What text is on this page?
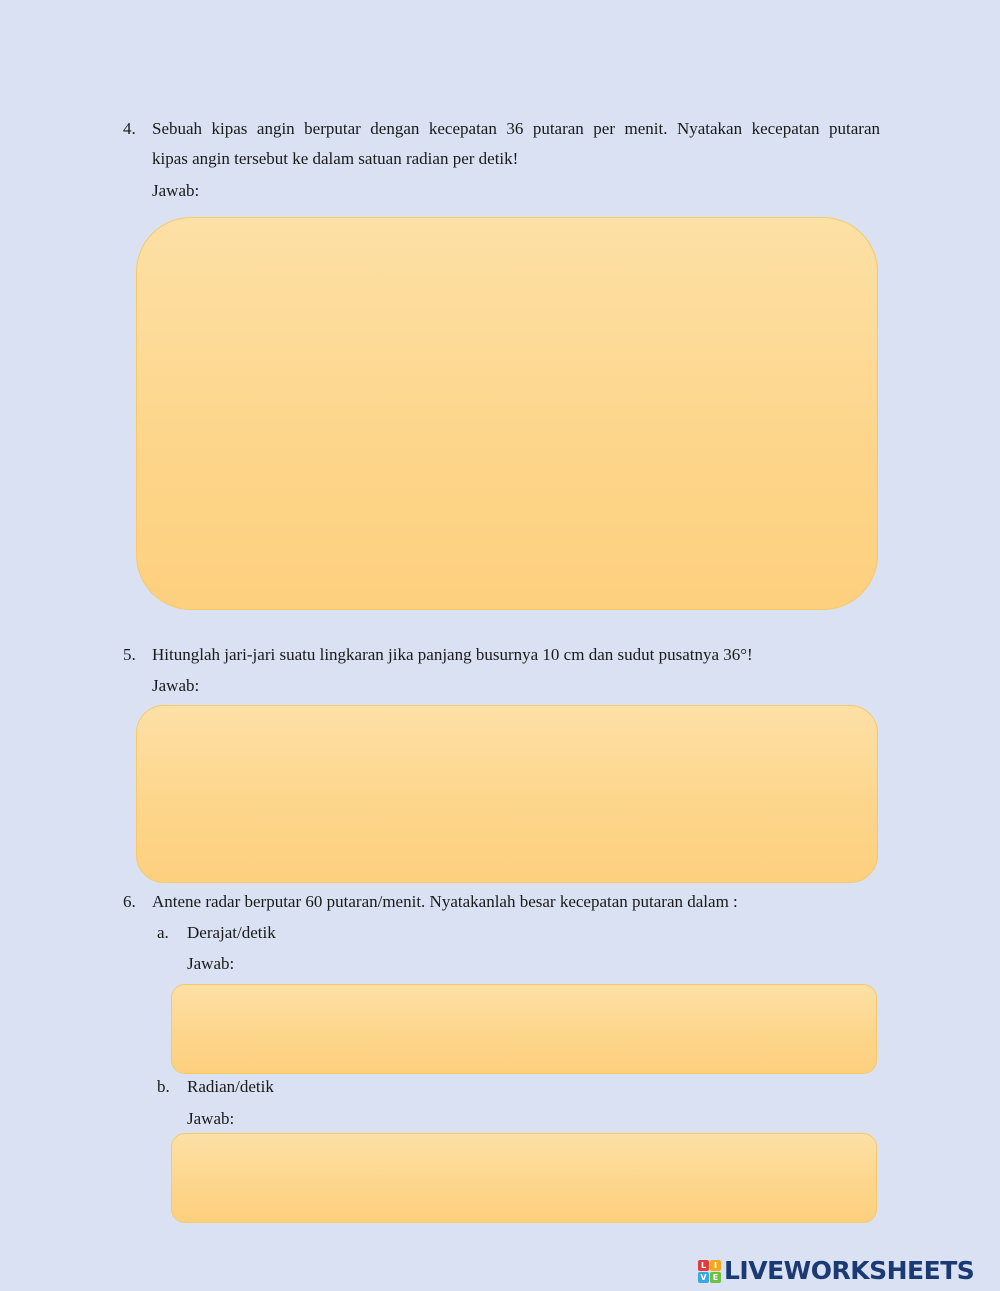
4. Sebuah kipas angin berputar dengan kecepatan 36 putaran per menit. Nyatakan kecepatan putaran
kipas angin tersebut ke dalam satuan radian per detik!
Jawab:
5. Hitunglah jari-jari suatu lingkaran jika panjang busurnya 10 cm dan sudut pusatnya 36°!
Jawab:
6. Antene radar berputar 60 putaran/menit. Nyatakanlah besar kecepatan putaran dalam :
a. Derajat/detik
Jawab:
b. Radian/detik
Jawab:
L I
V E LIVEWORKSHEETS
